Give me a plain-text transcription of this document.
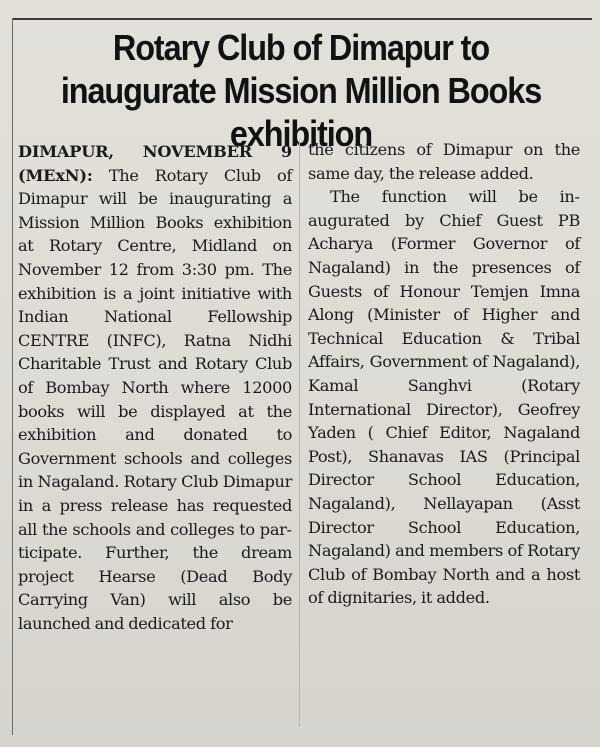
Rotary Club of Dimapur to inaugurate Mission Million Books exhibition

DIMAPUR, NOVEMBER 9 (MExN): The Rotary Club of Dimapur will be inaugurating a Mission Million Books exhibition at Rotary Centre, Midland on November 12 from 3:30 pm. The exhibition is a joint initiative with Indian National Fellowship CENTRE (INFC), Ratna Nidhi Charitable Trust and Rotary Club of Bombay North where 12000 books will be displayed at the exhibition and donated to Government schools and colleges in Nagaland. Rotary Club Dimapur in a press release has requested all the schools and colleges to participate. Further, the dream project Hearse (Dead Body Carrying Van) will also be launched and dedicated for

the citizens of Dimapur on the same day, the release added.

The function will be inaugurated by Chief Guest PB Acharya (Former Governor of Nagaland) in the presences of Guests of Honour Temjen Imna Along (Minister of Higher and Technical Education & Tribal Affairs, Government of Nagaland), Kamal Sanghvi (Rotary International Director), Geofrey Yaden ( Chief Editor, Nagaland Post), Shanavas IAS (Principal Director School Education, Nagaland), Nellayapan (Asst Director School Education, Nagaland) and members of Rotary Club of Bombay North and a host of dignitaries, it added.
